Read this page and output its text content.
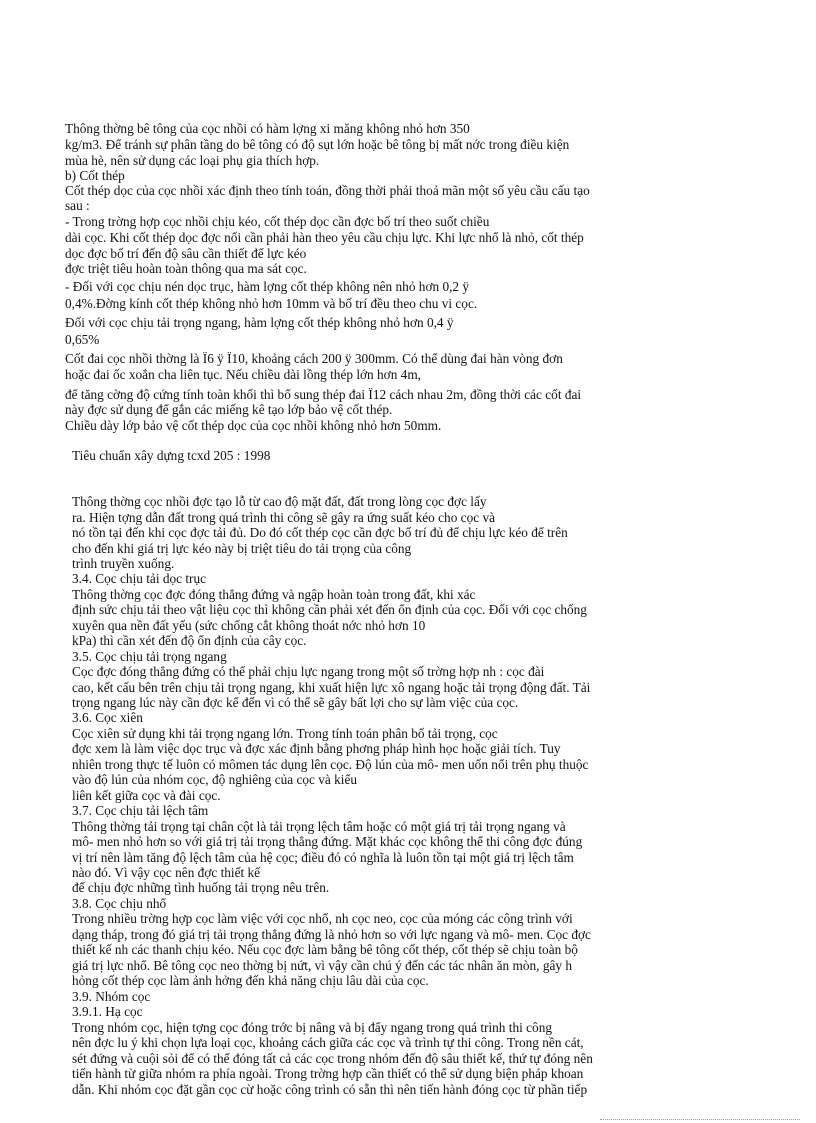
Thông thờng bê tông của cọc nhồi có hàm lợng xi măng không nhỏ hơn 350

kg/m3. Để tránh sự phân tầng do bê tông có độ sụt lớn hoặc bê tông bị mất nớc trong điều kiện

mùa hè, nên sử dụng các loại phụ gia thích hợp.

b) Cốt thép

Cốt thép dọc của cọc nhồi xác định theo tính toán, đồng thời phải thoả mãn một số yêu cầu cấu tạo

sau :

- Trong trờng hợp cọc nhồi chịu kéo, cốt thép dọc cần đợc bố trí theo suốt chiều

dài cọc. Khi cốt thép dọc đợc nối cần phải hàn theo yêu cầu chịu lực. Khi lực nhổ là nhỏ, cốt thép

dọc đợc bố trí đến độ sâu cần thiết để lực kéo

đợc triệt tiêu hoàn toàn thông qua ma sát cọc.

- Đối với cọc chịu nén dọc trục, hàm lợng cốt thép không nên nhỏ hơn 0,2 ÿ

0,4%.Đờng kính cốt thép không nhỏ hơn 10mm và bố trí đều theo chu vi cọc.

Đối với cọc chịu tải trọng ngang, hàm lợng cốt thép không nhỏ hơn 0,4 ÿ

0,65%

Cốt đai cọc nhồi thờng là Ï6 ÿ Ï10, khoảng cách 200 ÿ 300mm. Có thể dùng đai hàn vòng đơn

hoặc đai ốc xoắn cha liên tục. Nếu chiều dài lồng thép lớn hơn 4m,

để tăng cờng độ cứng tính toàn khối thì bổ sung thép đai Ï12 cách nhau 2m, đồng thời các cốt đai

này đợc sử dụng để gắn các miếng kê tạo lớp bảo vệ cốt thép.

Chiều dày lớp bảo vệ cốt thép dọc của cọc nhồi không nhỏ hơn 50mm.

Tiêu chuẩn xây dựng tcxd 205 : 1998

Thông thờng cọc nhồi đợc tạo lỗ từ cao độ mặt đất, đất trong lòng cọc đợc lấy

ra. Hiện tợng dẫn đất trong quá trình thi công sẽ gây ra ứng suất kéo cho cọc và

nó tồn tại đến khi cọc đợc tải đủ. Do đó cốt thép cọc cần đợc bố trí đủ để chịu lực kéo để trên

cho đến khi giá trị lực kéo này bị triệt tiêu do tải trọng của công

trình truyền xuống.

3.4. Cọc chịu tải dọc trục

Thông thờng cọc đợc đóng thẳng đứng và ngập hoàn toàn trong đất, khi xác

định sức chịu tải theo vật liệu cọc thì không cần phải xét đến ổn định của cọc. Đối với cọc chống

xuyên qua nền đất yếu (sức chống cắt không thoát nớc nhỏ hơn 10

kPa) thì cần xét đến độ ổn định của cây cọc.

3.5. Cọc chịu tải trọng ngang

Cọc đợc đóng thẳng đứng có thể phải chịu lực ngang trong một số trờng hợp nh : cọc đài

cao, kết cấu bên trên chịu tải trọng ngang, khi xuất hiện lực xô ngang hoặc tải trọng động đất. Tải

trọng ngang lúc này cần đợc kể đến vì có thể sẽ gây bất lợi cho sự làm việc của cọc.

3.6. Cọc xiên

Cọc xiên sử dụng khi tải trọng ngang lớn. Trong tính toán phân bố tải trọng, cọc

đợc xem là làm việc dọc trục và đợc xác định bằng phơng pháp hình học hoặc giải tích. Tuy

nhiên trong thực tế luôn có mômen tác dụng lên cọc. Độ lún của mô- men uốn nổi trên phụ thuộc

vào độ lún của nhóm cọc, độ nghiêng của cọc và kiểu

liên kết giữa cọc và đài cọc.

3.7. Cọc chịu tải lệch tâm

Thông thờng tải trọng tại chân cột là tải trọng lệch tâm hoặc có một giá trị tải trọng ngang và

mô- men nhỏ hơn so với giá trị tải trọng thẳng đứng. Mặt khác cọc không thể thi công đợc đúng

vị trí nên làm tăng độ lệch tâm của hệ cọc; điều đó có nghĩa là luôn tồn tại một giá trị lệch tâm

nào đó. Vì vậy cọc nên đợc thiết kế

để chịu đợc những tình huống tải trọng nêu trên.

3.8. Cọc chịu nhổ

Trong nhiều trờng hợp cọc làm việc với cọc nhổ, nh cọc neo, cọc của móng các công trình với

dạng tháp, trong đó giá trị tải trọng thẳng đứng là nhỏ hơn so với lực ngang và mô- men. Cọc đợc

thiết kế nh các thanh chịu kéo. Nếu cọc đợc làm bằng bê tông cốt thép, cốt thép sẽ chịu toàn bộ

giá trị lực nhổ. Bê tông cọc neo thờng bị nứt, vì vậy cần chú ý đến các tác nhân ăn mòn, gây h

hỏng cốt thép cọc làm ảnh hởng đến khả năng chịu lâu dài của cọc.

3.9. Nhóm cọc

3.9.1. Hạ cọc

Trong nhóm cọc, hiện tợng cọc đóng trớc bị nâng và bị đẩy ngang trong quá trình thi công

nên đợc lu ý khi chọn lựa loại cọc, khoảng cách giữa các cọc và trình tự thi công. Trong nền cát,

sét đứng và cuội sỏi để có thể đóng tất cả các cọc trong nhóm đến độ sâu thiết kế, thứ tự đóng nên

tiến hành từ giữa nhóm ra phía ngoài. Trong trờng hợp cần thiết có thể sử dụng biện pháp khoan

dẫn. Khi nhóm cọc đặt gần cọc cừ hoặc công trình có sẵn thì nên tiến hành đóng cọc từ phần tiếp
